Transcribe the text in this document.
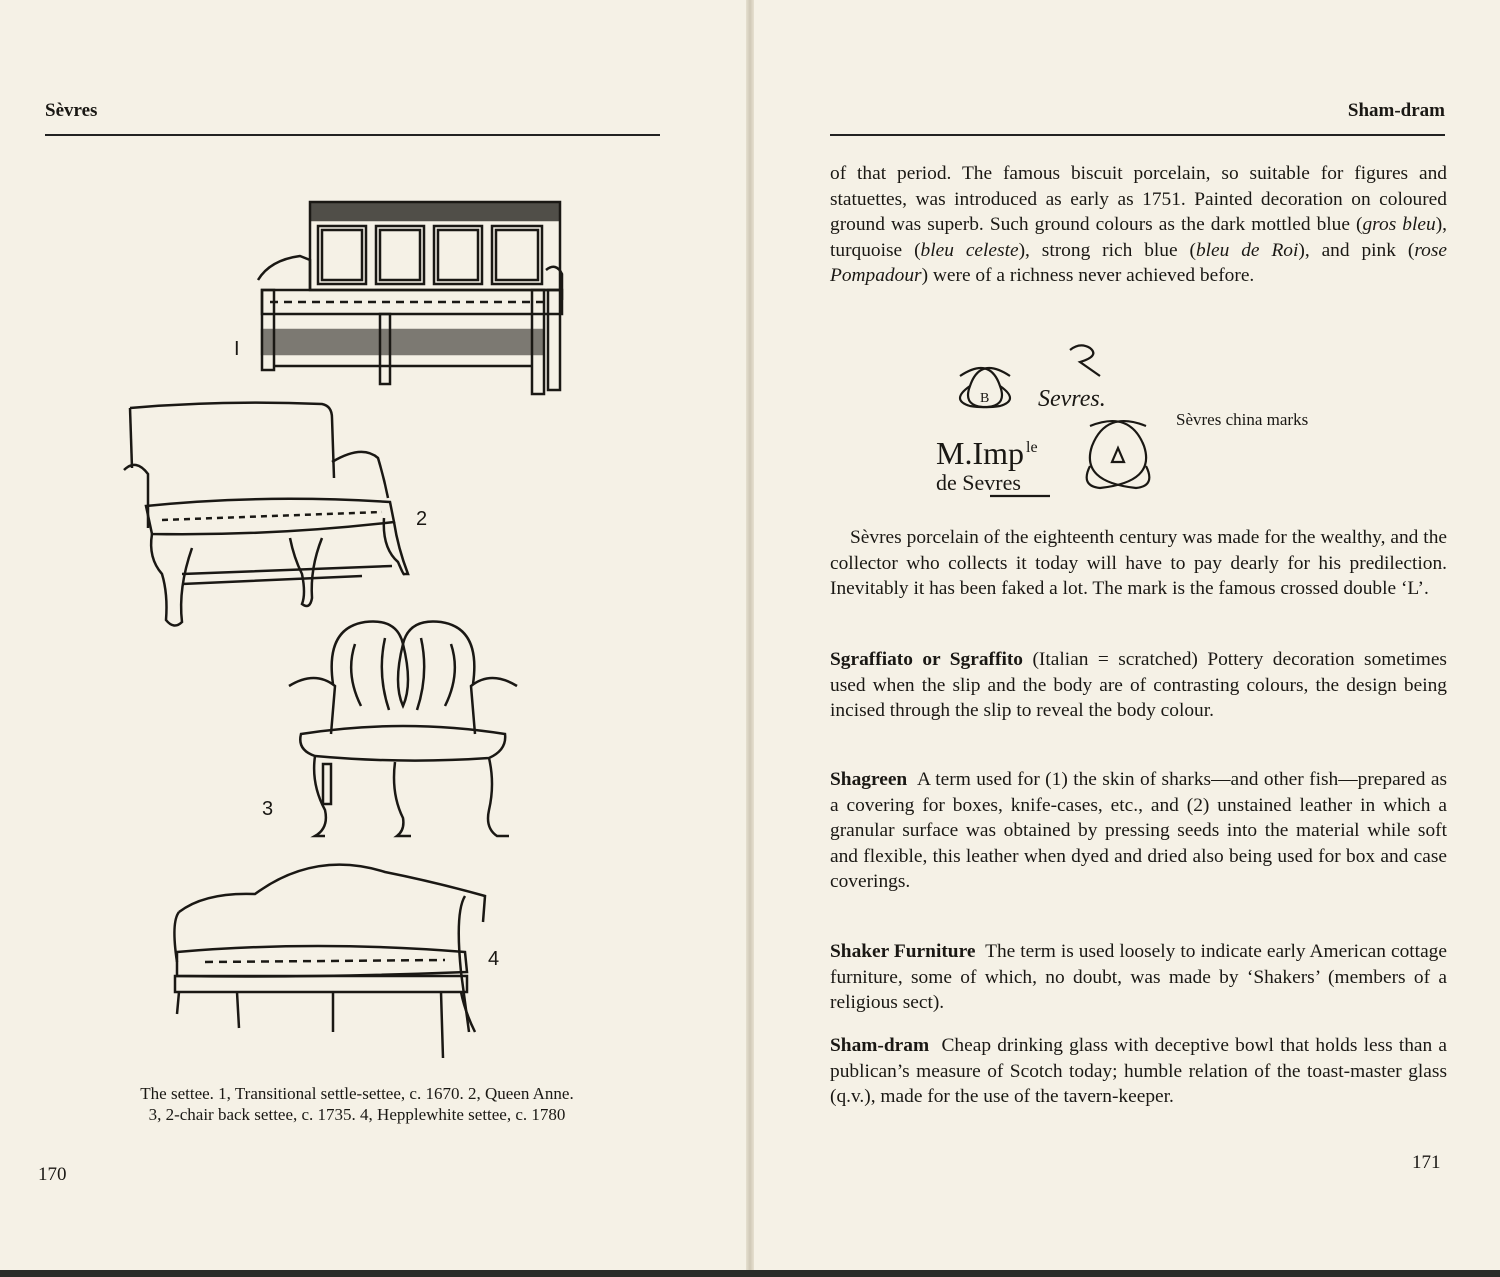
Sèvres
I
2
3
4
The settee. 1, Transitional settle-settee, c. 1670. 2, Queen Anne.
3, 2-chair back settee, c. 1735. 4, Hepplewhite settee, c. 1780
170
Sham-dram

of that period. The famous biscuit porcelain, so suitable for figures and statuettes, was introduced as early as 1751. Painted decoration on coloured ground was superb. Such ground colours as the dark mottled blue (gros bleu), turquoise (bleu celeste), strong rich blue (bleu de Roi), and pink (rose Pompadour) were of a richness never achieved before.

B Sevres.
M.Imp le
de Sevres
Sèvres china marks

Sèvres porcelain of the eighteenth century was made for the wealthy, and the collector who collects it today will have to pay dearly for his predilection. Inevitably it has been faked a lot. The mark is the famous crossed double ‘L’.

Sgraffiato or Sgraffito (Italian = scratched) Pottery decoration sometimes used when the slip and the body are of contrasting colours, the design being incised through the slip to reveal the body colour.

Shagreen A term used for (1) the skin of sharks—and other fish—prepared as a covering for boxes, knife-cases, etc., and (2) unstained leather in which a granular surface was obtained by pressing seeds into the material while soft and flexible, this leather when dyed and dried also being used for box and case coverings.

Shaker Furniture The term is used loosely to indicate early American cottage furniture, some of which, no doubt, was made by ‘Shakers’ (members of a religious sect).

Sham-dram Cheap drinking glass with deceptive bowl that holds less than a publican’s measure of Scotch today; humble relation of the toast-master glass (q.v.), made for the use of the tavern-keeper.

171
